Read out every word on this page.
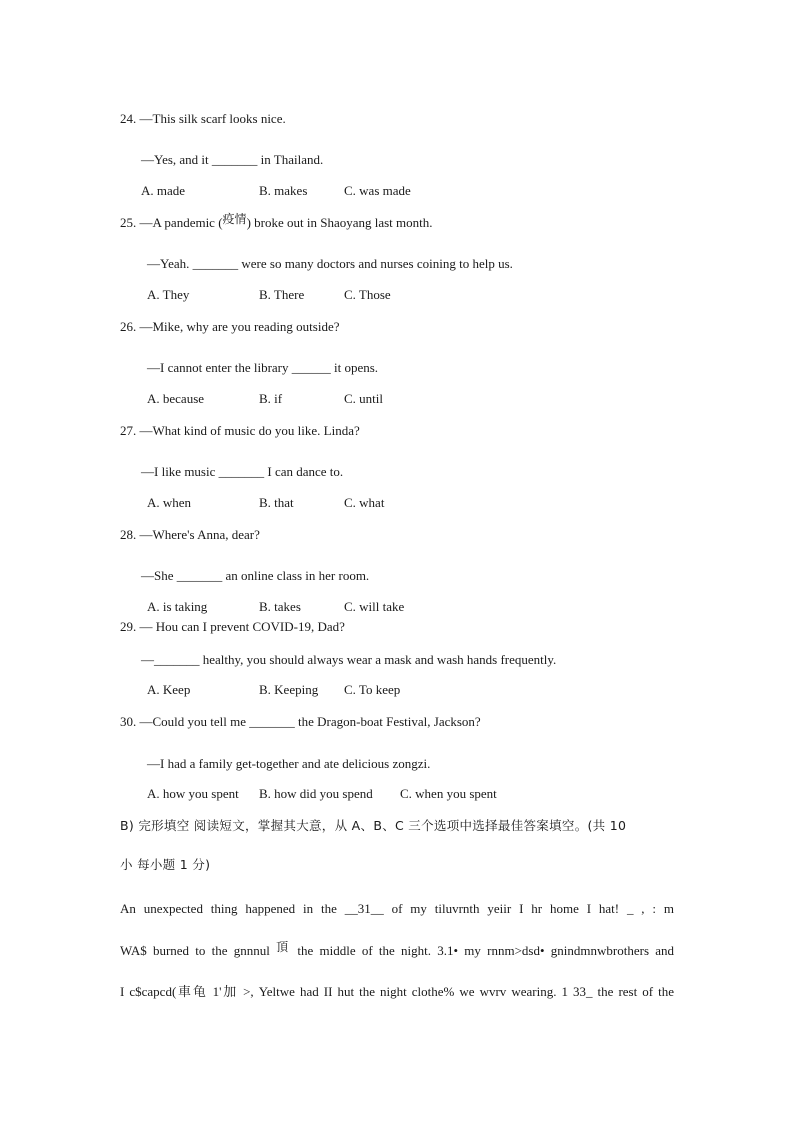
24. —This silk scarf looks nice.
—Yes, and it _______ in Thailand.
A. made	B. makes	C. was made
25. —A pandemic (疫情) broke out in Shaoyang last month.
—Yeah. _______ were so many doctors and nurses coining to help us.
A. They	B. There	C. Those
26. —Mike, why are you reading outside?
—I cannot enter the library ______ it opens.
A. because	B. if	C. until
27. —What kind of music do you like. Linda?
—I like music _______ I can dance to.
A. when	B. that	C. what
28. —Where's Anna, dear?
—She _______ an online class in her room.
A. is taking	B. takes	C. will take
29. — Hou can I prevent COVID-19, Dad?
—_______ healthy, you should always wear a mask and wash hands frequently.
A. Keep	B. Keeping C. To keep
30. —Could you tell me _______ the Dragon-boat Festival, Jackson?
—I had a family get-together and ate delicious zongzi.
A. how you spent B. how did you spend C. when you spent
B) 完形填空 阅读短文，掌握其大意，从 A、B、C 三个选项中选择最佳答案填空。(共 10
小 每小题 1 分)
An unexpected thing happened in the __31__ of my tiluvrnth yeiir I hr home I hat! _ , : m
WA$ burned to the gnnnul 頂 the middle of the night. 3.1• my rnnm>dsd• gnindmnwbrothers and
I c$capcd(車龟 1'加 >, Yeltwe had II hut the night clothe% we wvrv wearing. 1 33_ the rest of the
